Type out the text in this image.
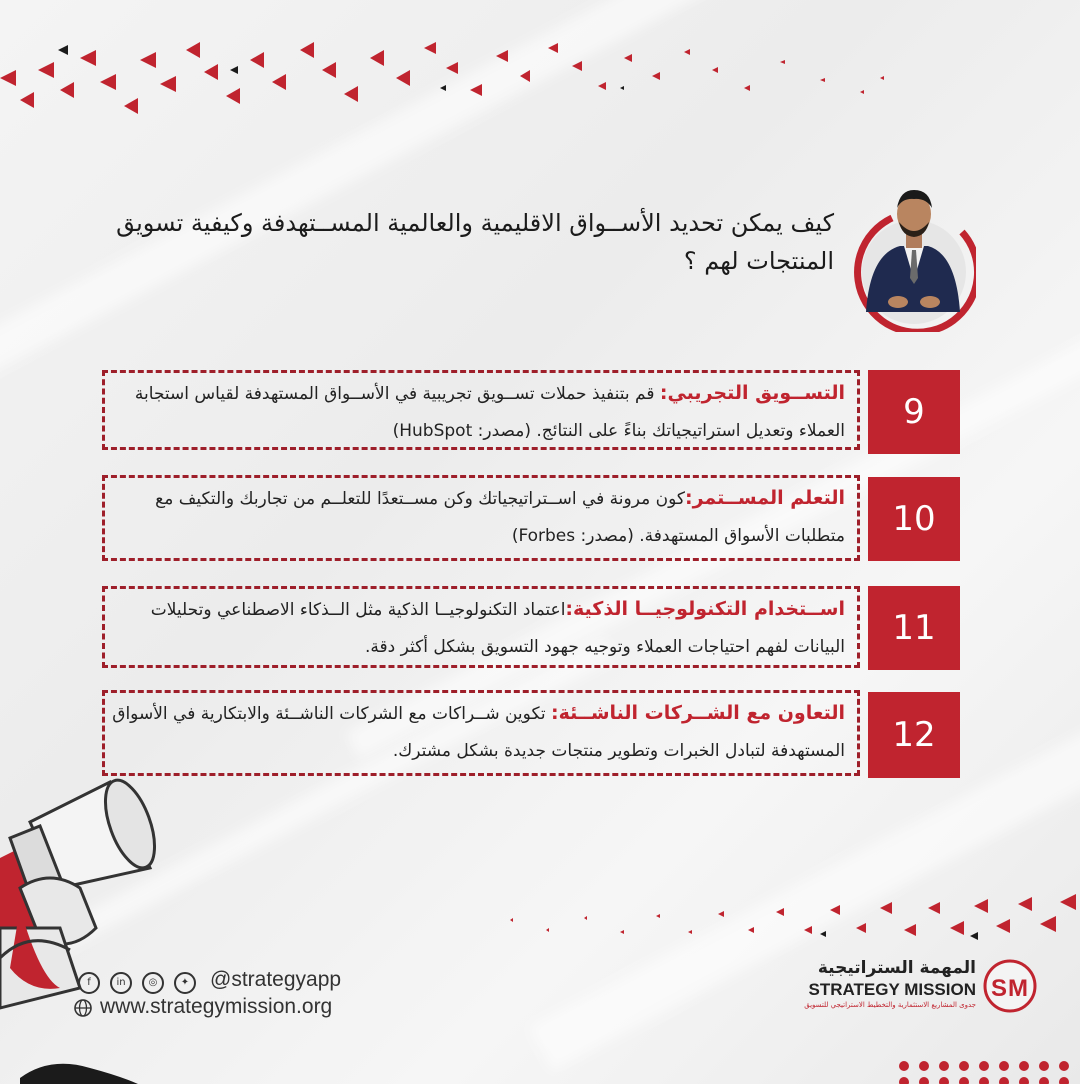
كيف يمكن تحديد الأســواق الاقليمية والعالمية المســتهدفة وكيفية تسويق المنتجات لهم ؟
التســويق التجريبي: قم بتنفيذ حملات تســويق تجريبية في الأســواق المستهدفة لقياس استجابة العملاء وتعديل استراتيجياتك بناءً على النتائج. (مصدر: HubSpot)	9
التعلم المســتمر:كون مرونة في اســتراتيجياتك وكن مســتعدًا للتعلــم من تجاربك والتكيف مع متطلبات الأسواق المستهدفة. (مصدر: Forbes)	10
اســتخدام التكنولوجيــا الذكية:اعتماد التكنولوجيــا الذكية مثل الــذكاء الاصطناعي وتحليلات البيانات لفهم احتياجات العملاء وتوجيه جهود التسويق بشكل أكثر دقة.	11
التعاون مع الشــركات الناشــئة: تكوين شــراكات مع الشركات الناشــئة والابتكارية في الأسواق المستهدفة لتبادل الخبرات وتطوير منتجات جديدة بشكل مشترك.	12
f	in	◎	✦ @strategyapp
www.strategymission.org
المهمة الستراتيجية
STRATEGY MISSION
جدوى المشاريع الاستثمارية والتخطيط الاستراتيجي للتسويق
S M
